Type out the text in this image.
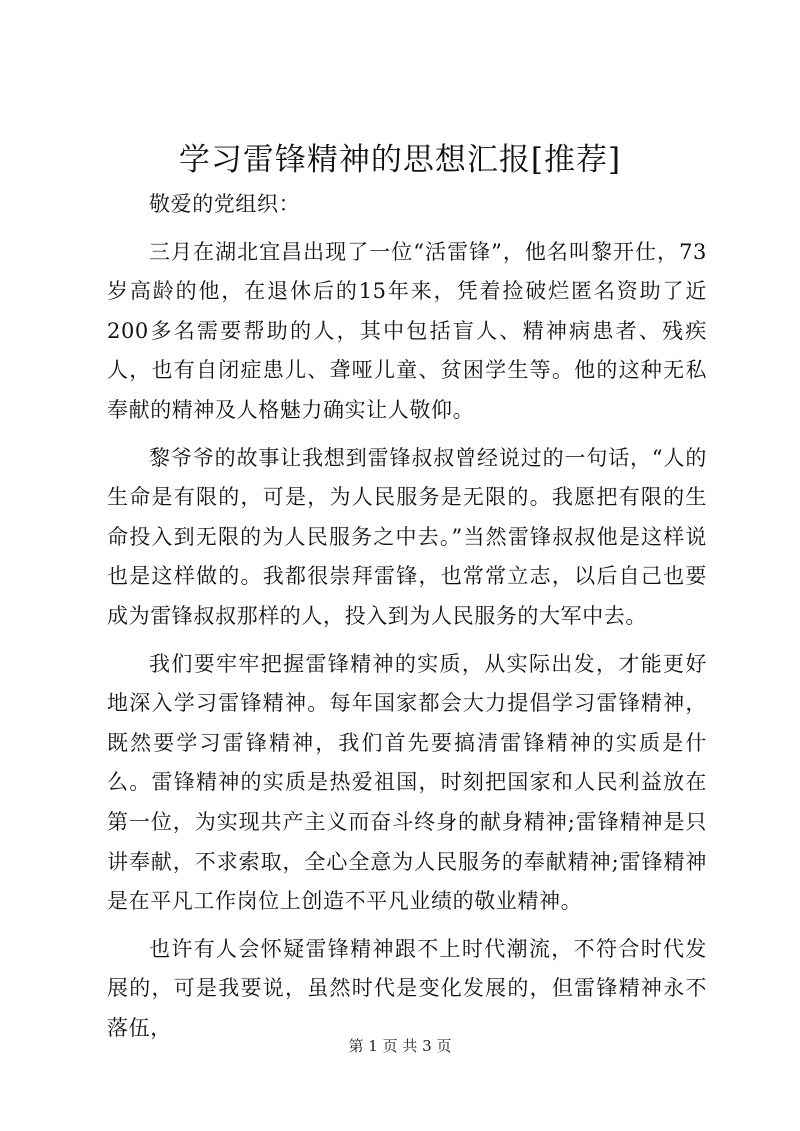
学习雷锋精神的思想汇报[推荐]

敬爱的党组织：

三月在湖北宜昌出现了一位“活雷锋”，他名叫黎开仕，73岁高龄的他，在退休后的15年来，凭着捡破烂匿名资助了近200多名需要帮助的人，其中包括盲人、精神病患者、残疾人，也有自闭症患儿、聋哑儿童、贫困学生等。他的这种无私奉献的精神及人格魅力确实让人敬仰。

黎爷爷的故事让我想到雷锋叔叔曾经说过的一句话，“人的生命是有限的，可是，为人民服务是无限的。我愿把有限的生命投入到无限的为人民服务之中去。”当然雷锋叔叔他是这样说也是这样做的。我都很崇拜雷锋，也常常立志，以后自己也要成为雷锋叔叔那样的人，投入到为人民服务的大军中去。

我们要牢牢把握雷锋精神的实质，从实际出发，才能更好地深入学习雷锋精神。每年国家都会大力提倡学习雷锋精神，既然要学习雷锋精神，我们首先要搞清雷锋精神的实质是什么。雷锋精神的实质是热爱祖国，时刻把国家和人民利益放在第一位，为实现共产主义而奋斗终身的献身精神;雷锋精神是只讲奉献，不求索取，全心全意为人民服务的奉献精神;雷锋精神是在平凡工作岗位上创造不平凡业绩的敬业精神。

也许有人会怀疑雷锋精神跟不上时代潮流，不符合时代发展的，可是我要说，虽然时代是变化发展的，但雷锋精神永不落伍，

第 1 页 共 3 页
